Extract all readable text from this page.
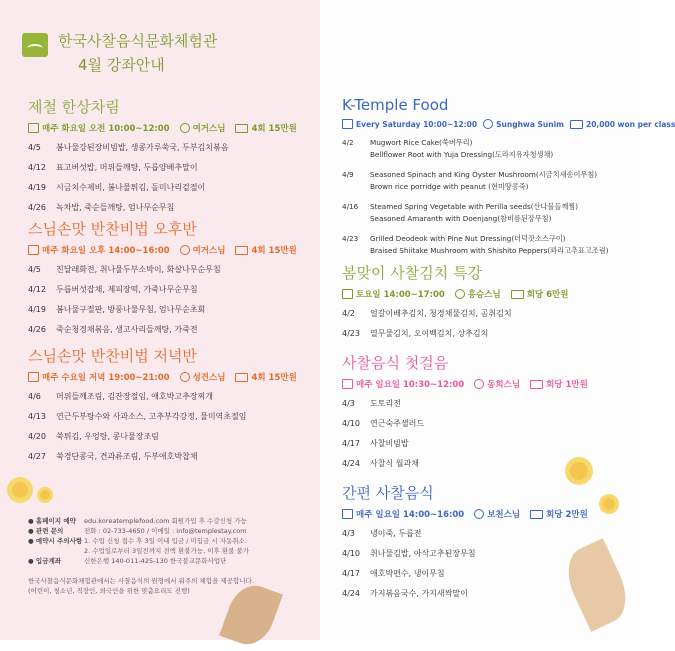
한국사찰음식문화체험관
4월 강좌안내
제철 한상차림
매주 화요일 오전 10:00~12:00	여거스님	4회 15만원
4/5	봄나물강된장비빔밥, 생콩가루쑥국, 두부김치볶음
4/12	표고버섯밥, 머위들깨탕, 두릅양배추말이
4/19	시금치수제비, 봄나물튀김, 돌미나리겉절이
4/26	녹차밥, 죽순들깨탕, 엄나무순무침
스님손맛 반찬비법 오후반
매주 화요일 오후 14:00~16:00	여거스님	4회 15만원
4/5	진달래화전, 취나물두부소박이, 화살나무순무침
4/12	두릅버섯잡채, 제피장떡, 가죽나무순무침
4/19	봄나물구절판, 방풍나물무침, 엄나무순초회
4/26	죽순청경채볶음, 생고사리들깨탕, 가죽전
스님손맛 반찬비법 저녁반
매주 수요일 저녁 19:00~21:00	성견스님	4회 15만원
4/6	머위들깨조림, 김잔장절임, 애호박고추장찌개
4/13	연근두부탕수와 사과소스, 고추부각강정, 물미역초절임
4/20	쑥튀김, 우엉탕, 콩나물장조림
4/27	쑥경단콩국, 견과류조림, 두부애호박찹채
● 홈페이지 예약	edu.koreatemplefood.com 회원가입 후 수강신청 가능
● 관련 문의	전화 : 02-733-4650 / 이메일 : info@templestay.com
● 예약시 주의사항 1. 수업 신청 접수 후 3일 이내 입금 / 미입금 시 자동취소
2. 수업일로부터 3일전까지 전액 환불가능, 이후 환불 불가
● 입금계좌	신한은행 140-011-425-130 한국불교문화사업단
한국사찰음식문화체험관에서는 사찰음식의 원형에서 워주의 체험을 제공합니다.
(어린이, 청소년, 직장인, 외국인을 위한 맞춤요리도 진행)
K-Temple Food
Every Saturday 10:00~12:00	Sunghwa Sunim	20,000 won per class
4/2	Mugwort Rice Cake(쑥버무리)
Bellflower Root with Yuja Dressing(도라지유자청생채)
4/9	Seasoned Spinach and King Oyster Mushroom(시금치새송이무침)
Brown rice porridge with peanut (현미땅콩죽)
4/16	Steamed Spring Vegetable with Perilla seeds(산나물들깨찜)
Seasoned Amaranth with Doenjang(참비름된장무침)
4/23	Grilled Deodeok with Pine Nut Dressing(더덕잣소스구이)
Braised Shiitake Mushroom with Shishito Peppers(꽈리고추표고조림)
봄맞이 사찰김치 특강
토요일 14:00~17:00	홍승스님	회당 6만원
4/2	얼갈이배추김치, 청경채물김치, 곰취김치
4/23	열무물김치, 오이백김치, 상추김치
사찰음식 첫걸음
매주 일요일 10:30~12:00	동희스님	회당 1만원
4/3	도토리전
4/10	연근숙주샐러드
4/17	사찰비빔밥
4/24	사찰식 월과채
간편 사찰음식
매주 일요일 14:00~16:00	보천스님	회당 2만원
4/3	냉이죽, 두릅전
4/10	취나물김밥, 아삭고추된장무침
4/17	애호박편수, 냉이무침
4/24	가지볶음국수, 가지새싹말이
